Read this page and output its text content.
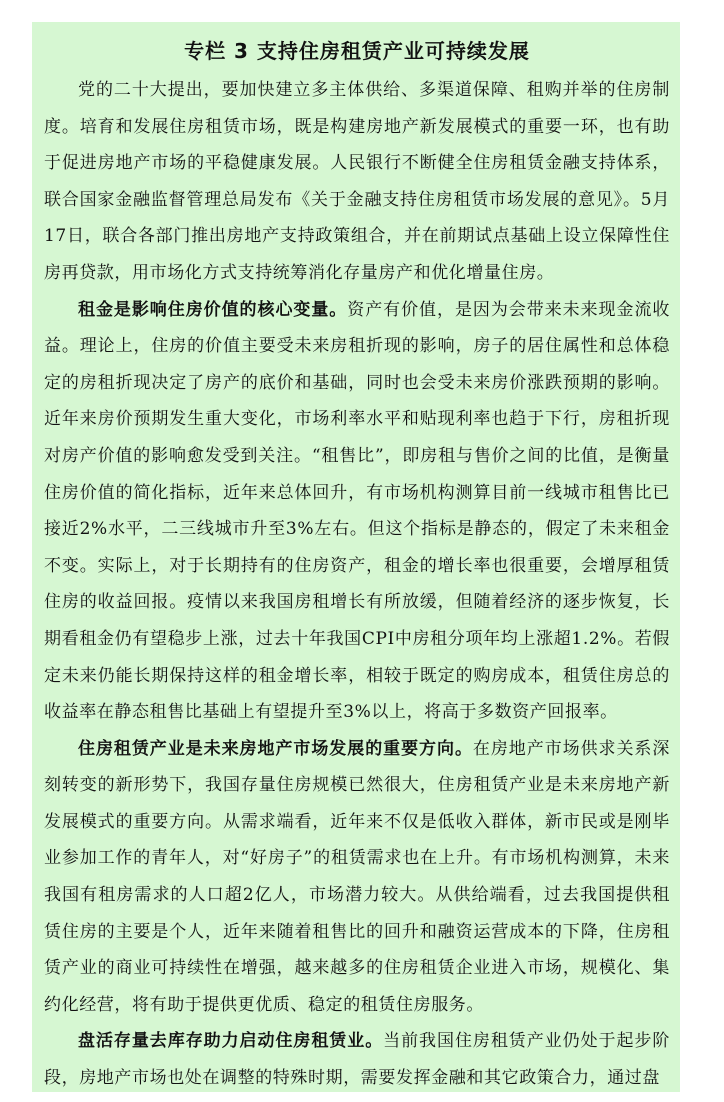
专栏 3 支持住房租赁产业可持续发展

党的二十大提出，要加快建立多主体供给、多渠道保障、租购并举的住房制度。培育和发展住房租赁市场，既是构建房地产新发展模式的重要一环，也有助于促进房地产市场的平稳健康发展。人民银行不断健全住房租赁金融支持体系，联合国家金融监督管理总局发布《关于金融支持住房租赁市场发展的意见》。5月17日，联合各部门推出房地产支持政策组合，并在前期试点基础上设立保障性住房再贷款，用市场化方式支持统筹消化存量房产和优化增量住房。

租金是影响住房价值的核心变量。资产有价值，是因为会带来未来现金流收益。理论上，住房的价值主要受未来房租折现的影响，房子的居住属性和总体稳定的房租折现决定了房产的底价和基础，同时也会受未来房价涨跌预期的影响。近年来房价预期发生重大变化，市场利率水平和贴现利率也趋于下行，房租折现对房产价值的影响愈发受到关注。“租售比”，即房租与售价之间的比值，是衡量住房价值的简化指标，近年来总体回升，有市场机构测算目前一线城市租售比已接近2%水平，二三线城市升至3%左右。但这个指标是静态的，假定了未来租金不变。实际上，对于长期持有的住房资产，租金的增长率也很重要，会增厚租赁住房的收益回报。疫情以来我国房租增长有所放缓，但随着经济的逐步恢复，长期看租金仍有望稳步上涨，过去十年我国CPI中房租分项年均上涨超1.2%。若假定未来仍能长期保持这样的租金增长率，相较于既定的购房成本，租赁住房总的收益率在静态租售比基础上有望提升至3%以上，将高于多数资产回报率。

住房租赁产业是未来房地产市场发展的重要方向。在房地产市场供求关系深刻转变的新形势下，我国存量住房规模已然很大，住房租赁产业是未来房地产新发展模式的重要方向。从需求端看，近年来不仅是低收入群体，新市民或是刚毕业参加工作的青年人，对“好房子”的租赁需求也在上升。有市场机构测算，未来我国有租房需求的人口超2亿人，市场潜力较大。从供给端看，过去我国提供租赁住房的主要是个人，近年来随着租售比的回升和融资运营成本的下降，住房租赁产业的商业可持续性在增强，越来越多的住房租赁企业进入市场，规模化、集约化经营，将有助于提供更优质、稳定的租赁住房服务。

盘活存量去库存助力启动住房租赁业。当前我国住房租赁产业仍处于起步阶段，房地产市场也处在调整的特殊时期，需要发挥金融和其它政策合力，通过盘
